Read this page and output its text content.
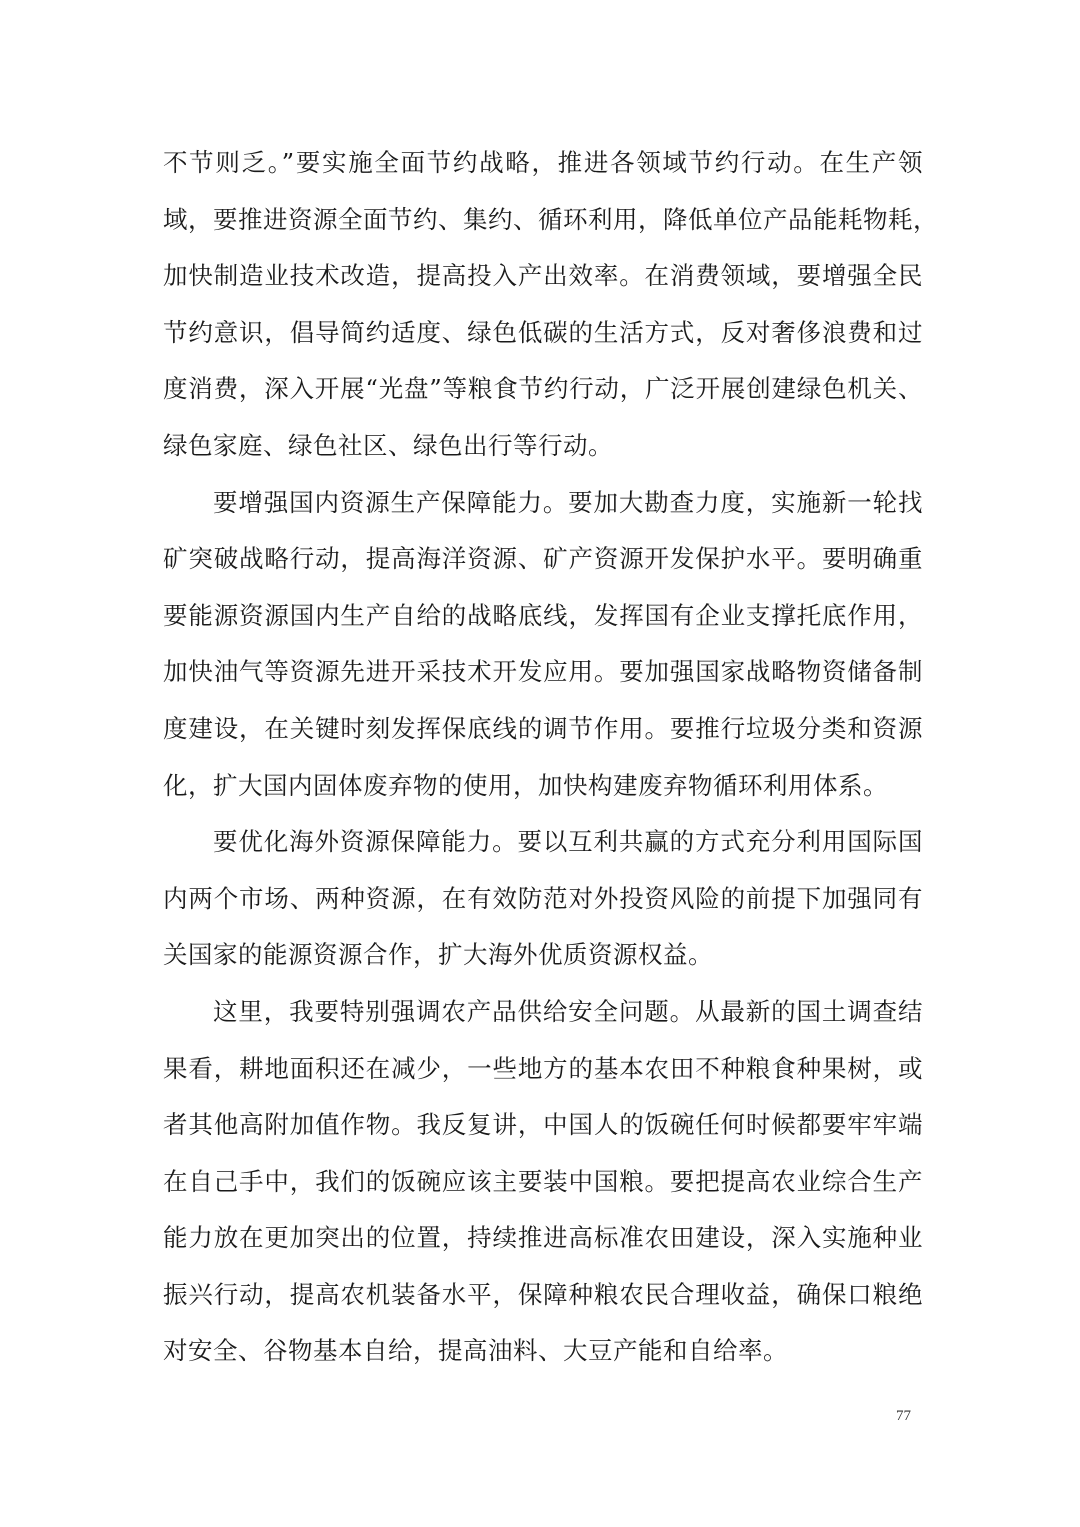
不节则乏。”要实施全面节约战略，推进各领域节约行动。在生产领
域，要推进资源全面节约、集约、循环利用，降低单位产品能耗物耗，
加快制造业技术改造，提高投入产出效率。在消费领域，要增强全民
节约意识，倡导简约适度、绿色低碳的生活方式，反对奢侈浪费和过
度消费，深入开展“光盘”等粮食节约行动，广泛开展创建绿色机关、
绿色家庭、绿色社区、绿色出行等行动。
要增强国内资源生产保障能力。要加大勘查力度，实施新一轮找
矿突破战略行动，提高海洋资源、矿产资源开发保护水平。要明确重
要能源资源国内生产自给的战略底线，发挥国有企业支撑托底作用，
加快油气等资源先进开采技术开发应用。要加强国家战略物资储备制
度建设，在关键时刻发挥保底线的调节作用。要推行垃圾分类和资源
化，扩大国内固体废弃物的使用，加快构建废弃物循环利用体系。
要优化海外资源保障能力。要以互利共赢的方式充分利用国际国
内两个市场、两种资源，在有效防范对外投资风险的前提下加强同有
关国家的能源资源合作，扩大海外优质资源权益。
这里，我要特别强调农产品供给安全问题。从最新的国土调查结
果看，耕地面积还在减少，一些地方的基本农田不种粮食种果树，或
者其他高附加值作物。我反复讲，中国人的饭碗任何时候都要牢牢端
在自己手中，我们的饭碗应该主要装中国粮。要把提高农业综合生产
能力放在更加突出的位置，持续推进高标准农田建设，深入实施种业
振兴行动，提高农机装备水平，保障种粮农民合理收益，确保口粮绝
对安全、谷物基本自给，提高油料、大豆产能和自给率。
77
